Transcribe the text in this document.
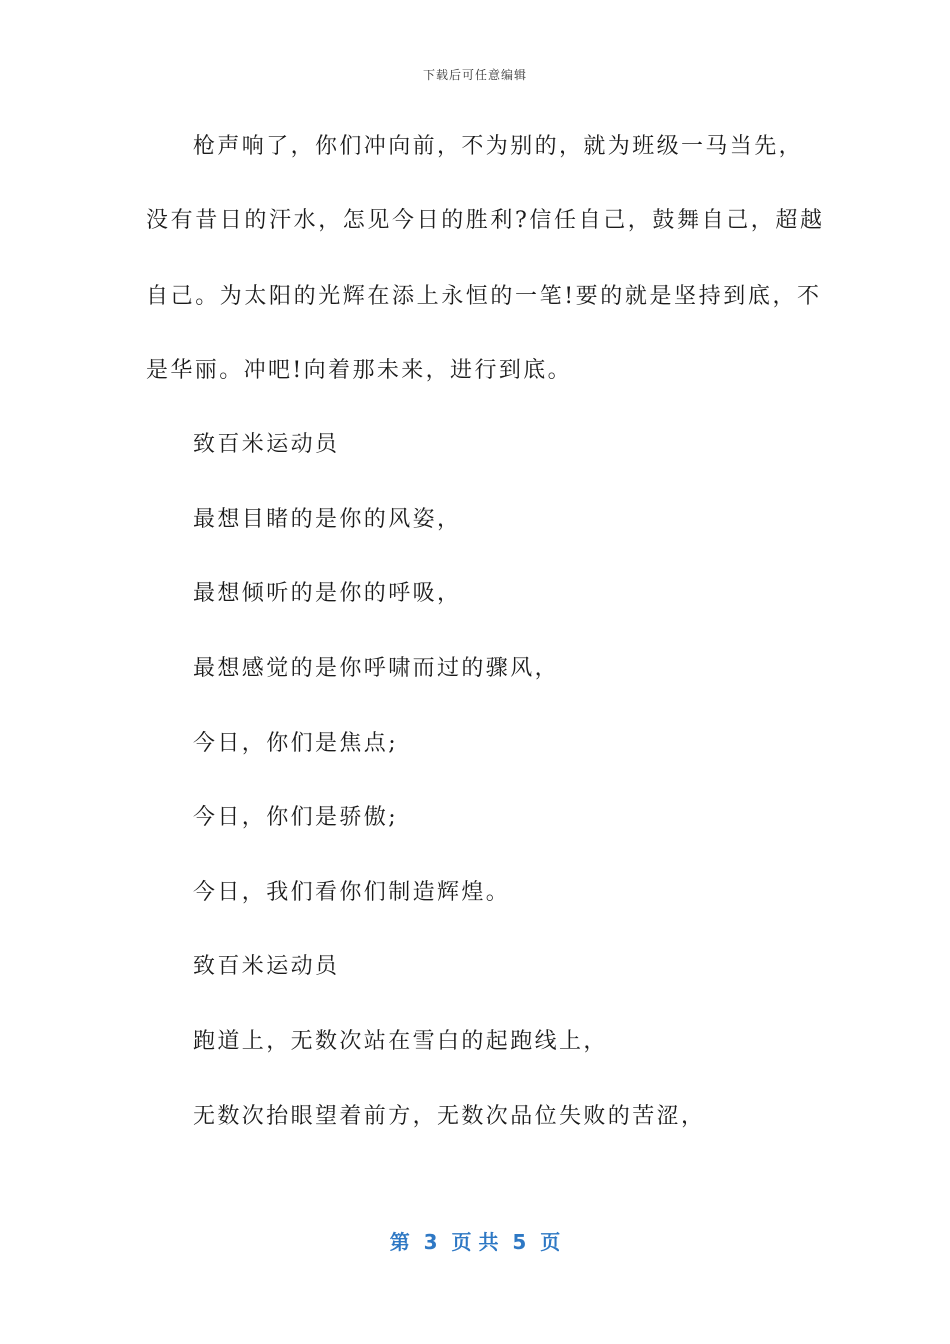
下载后可任意编辑
枪声响了，你们冲向前，不为别的，就为班级一马当先，
没有昔日的汗水，怎见今日的胜利?信任自己，鼓舞自己，超越
自己。为太阳的光辉在添上永恒的一笔!要的就是坚持到底，不
是华丽。冲吧!向着那未来，进行到底。
致百米运动员
最想目睹的是你的风姿，
最想倾听的是你的呼吸，
最想感觉的是你呼啸而过的骤风，
今日，你们是焦点;
今日，你们是骄傲;
今日，我们看你们制造辉煌。
致百米运动员
跑道上，无数次站在雪白的起跑线上，
无数次抬眼望着前方，无数次品位失败的苦涩，
第  3  页 共  5  页
